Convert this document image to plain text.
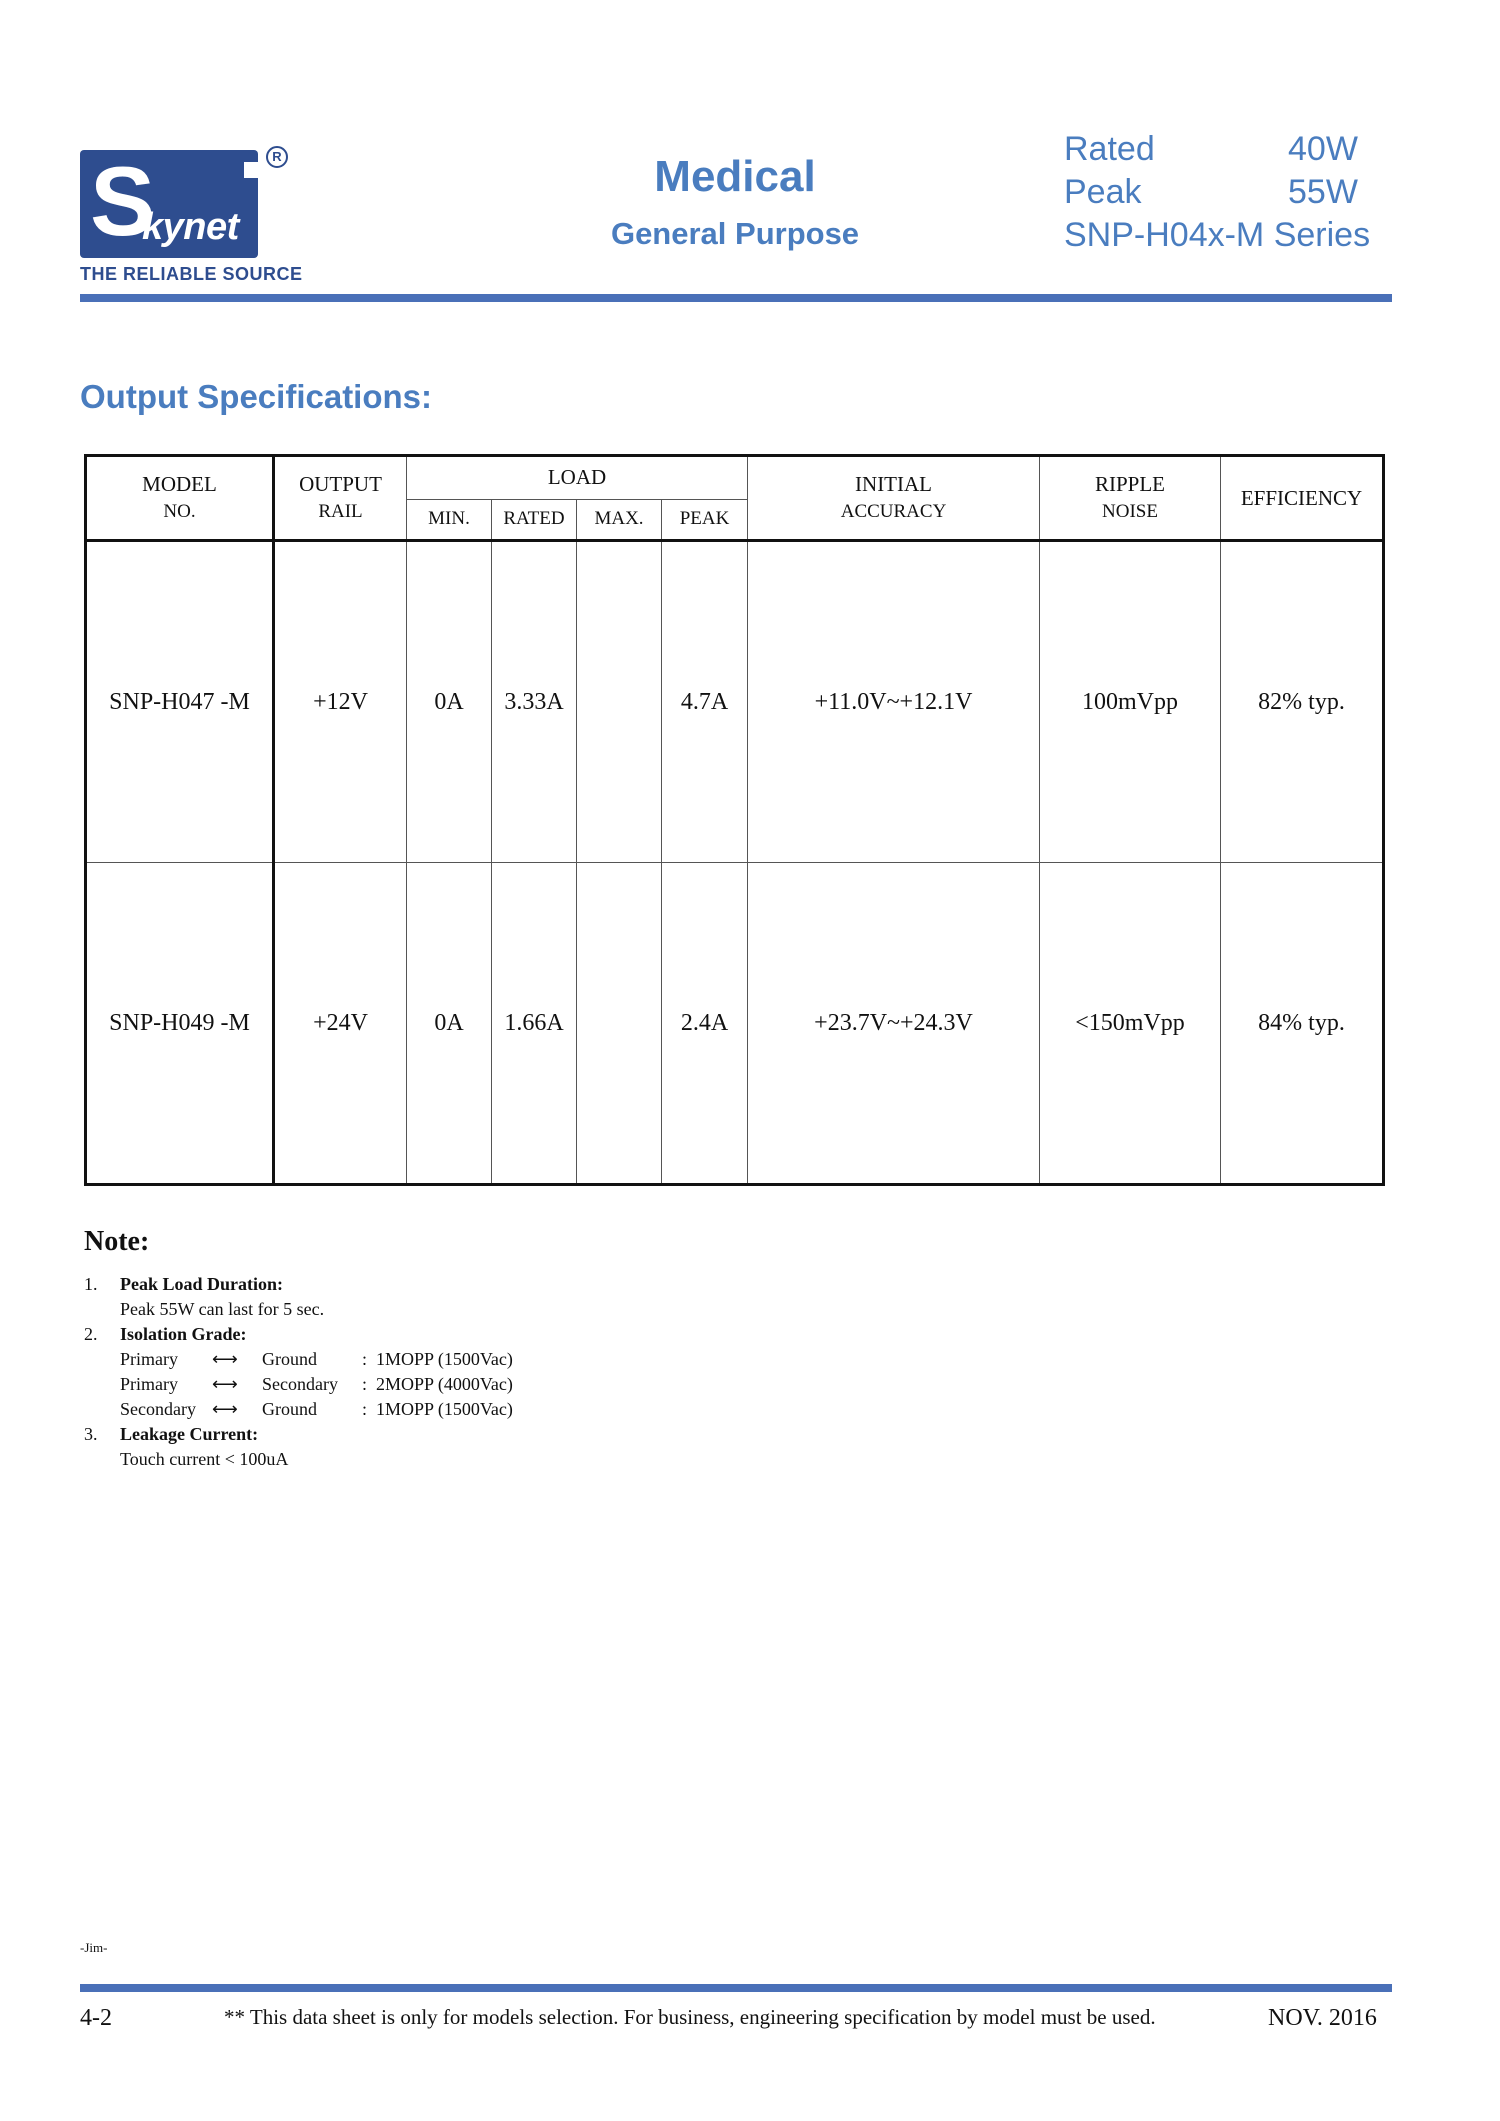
S
kynet
R
THE RELIABLE SOURCE
Medical
General Purpose
Rated	40W
Peak	55W
SNP-H04x-M Series
Output Specifications:
MODEL	OUTPUT	LOAD				INITIAL	RIPPLE	EFFICIENCY
NO.	RAIL	MIN.	RATED	MAX.	PEAK	ACCURACY	NOISE	
SNP-H047 -M	+12V	0A	3.33A		4.7A	+11.0V~+12.1V	100mVpp	82% typ.
SNP-H049 -M	+24V	0A	1.66A		2.4A	+23.7V~+24.3V	<150mVpp	84% typ.
Note:
1.	Peak Load Duration:
Peak 55W can last for 5 sec.
2.	Isolation Grade:
Primary	⟷	Ground	: 1MOPP (1500Vac)
Primary	⟷	Secondary	: 2MOPP (4000Vac)
Secondary ⟷	Ground	: 1MOPP (1500Vac)
3.	Leakage Current:
Touch current < 100uA
-Jim-
4-2	** This data sheet is only for models selection. For business, engineering specification by model must be used.	NOV. 2016
